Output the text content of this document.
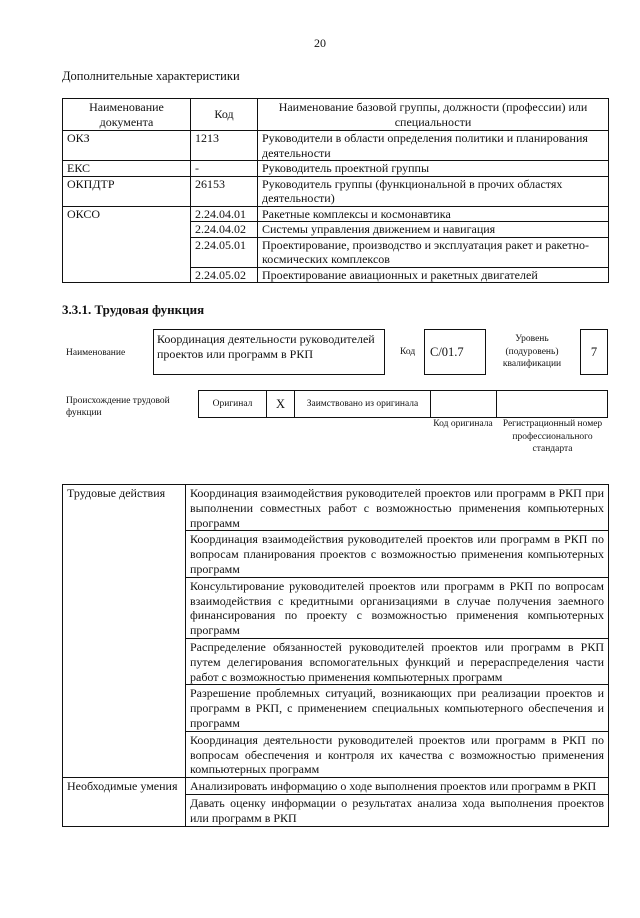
20
Дополнительные характеристики
Наименование документа	Код	Наименование базовой группы, должности (профессии) или специальности
ОКЗ	1213	Руководители в области определения политики и планирования деятельности
ЕКС	-	Руководитель проектной группы
ОКПДТР	26153	Руководитель группы (функциональной в прочих областях деятельности)
ОКСО	2.24.04.01	Ракетные комплексы и космонавтика
	2.24.04.02	Системы управления движением и навигация
	2.24.05.01	Проектирование, производство и эксплуатация ракет и ракетно-космических комплексов
	2.24.05.02	Проектирование авиационных и ракетных двигателей
3.3.1. Трудовая функция
Наименование
Координация деятельности руководителей проектов или программ в РКП	Код	С/01.7
Уровень (подуровень) квалификации
7
Происхождение трудовой функции
Оригинал	X	Заимствовано из оригинала		
Код оригинала	Регистрационный номер профессионального стандарта
Трудовые действия	Координация взаимодействия руководителей проектов или программ в РКП при выполнении совместных работ с возможностью применения компьютерных программ
	Координация взаимодействия руководителей проектов или программ в РКП по вопросам планирования проектов с возможностью применения компьютерных программ
	Консультирование руководителей проектов или программ в РКП по вопросам взаимодействия с кредитными организациями в случае получения заемного финансирования по проекту с возможностью применения компьютерных программ
	Распределение обязанностей руководителей проектов или программ в РКП путем делегирования вспомогательных функций и перераспределения части работ с возможностью применения компьютерных программ
	Разрешение проблемных ситуаций, возникающих при реализации проектов и программ в РКП, с применением специальных компьютерного обеспечения и программ
	Координация деятельности руководителей проектов или программ в РКП по вопросам обеспечения и контроля их качества с возможностью применения компьютерных программ
Необходимые умения	Анализировать информацию о ходе выполнения проектов или программ в РКП
	Давать оценку информации о результатах анализа хода выполнения проектов или программ в РКП
